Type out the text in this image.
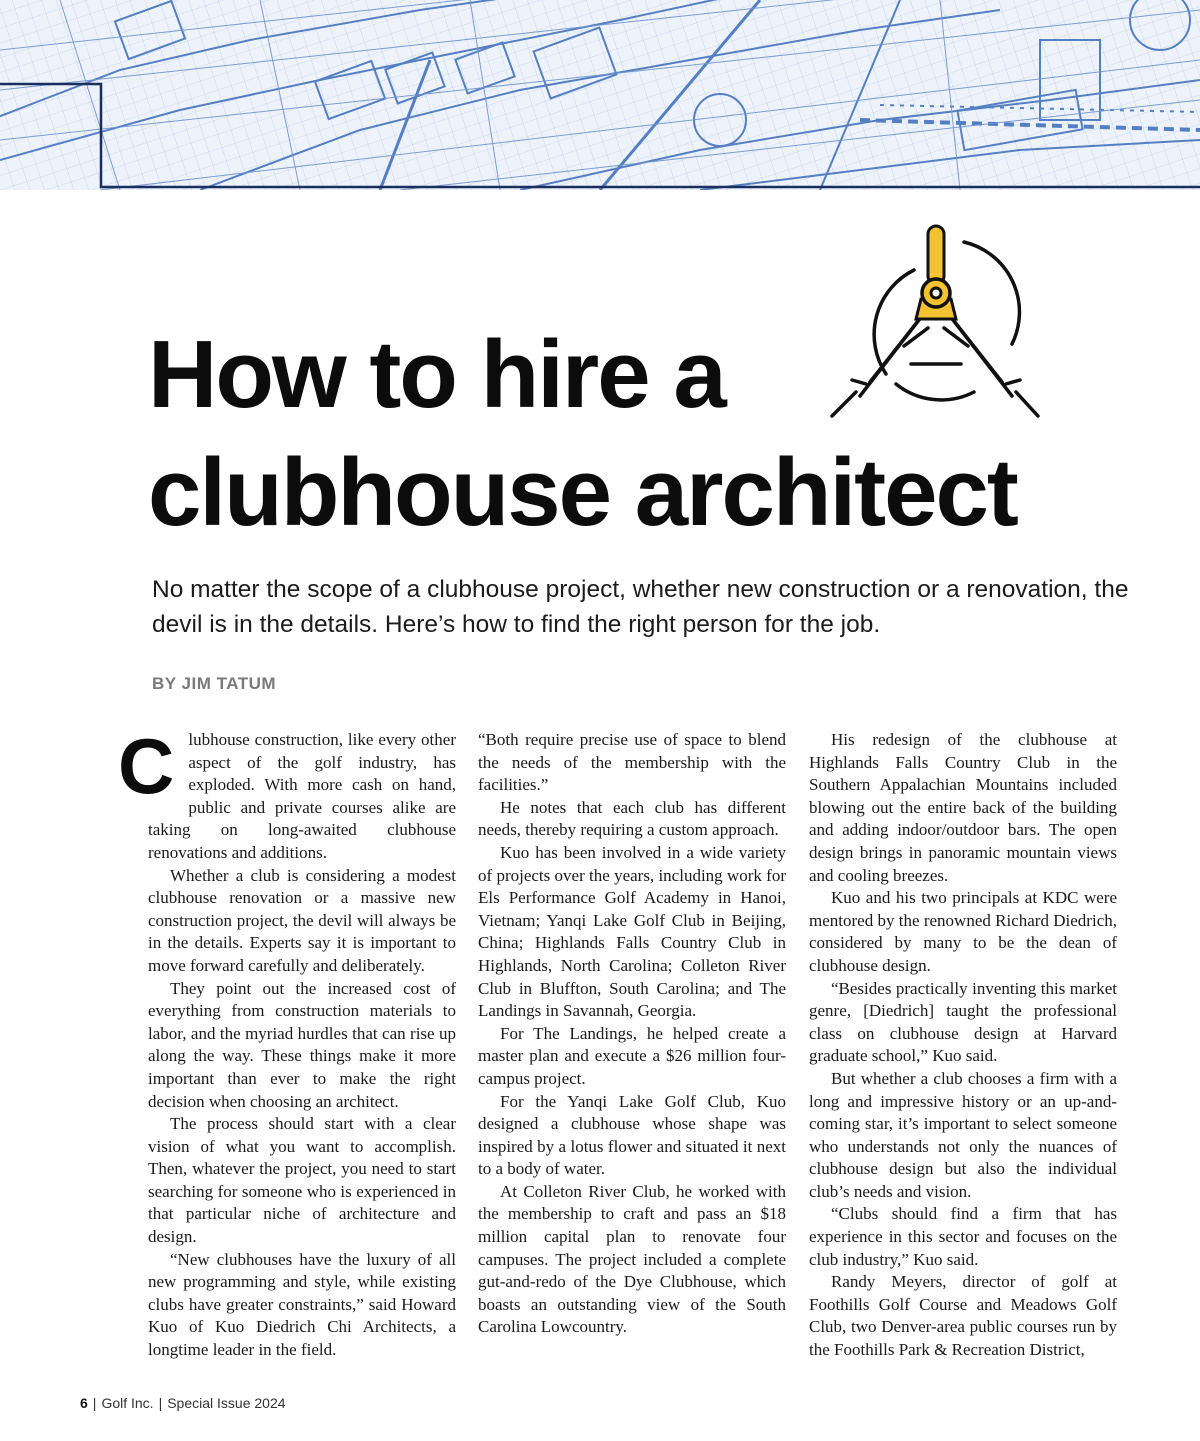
How to hire a
clubhouse architect

No matter the scope of a clubhouse project, whether new construction or a renovation, the devil is in the details. Here’s how to find the right person for the job.

BY JIM TATUM

Clubhouse construction, like every other aspect of the golf industry, has exploded. With more cash on hand, public and private courses alike are taking on long-awaited clubhouse renovations and additions.

Whether a club is considering a modest clubhouse renovation or a massive new construction project, the devil will always be in the details. Experts say it is important to move forward carefully and deliberately.

They point out the increased cost of everything from construction materials to labor, and the myriad hurdles that can rise up along the way. These things make it more important than ever to make the right decision when choosing an architect.

The process should start with a clear vision of what you want to accomplish. Then, whatever the project, you need to start searching for someone who is experienced in that particular niche of architecture and design.

“New clubhouses have the luxury of all new programming and style, while existing clubs have greater constraints,” said Howard Kuo of Kuo Diedrich Chi Architects, a longtime leader in the field.

“Both require precise use of space to blend the needs of the membership with the facilities.”

He notes that each club has different needs, thereby requiring a custom approach.

Kuo has been involved in a wide variety of projects over the years, including work for Els Performance Golf Academy in Hanoi, Vietnam; Yanqi Lake Golf Club in Beijing, China; Highlands Falls Country Club in Highlands, North Carolina; Colleton River Club in Bluffton, South Carolina; and The Landings in Savannah, Georgia.

For The Landings, he helped create a master plan and execute a $26 million four-campus project.

For the Yanqi Lake Golf Club, Kuo designed a clubhouse whose shape was inspired by a lotus flower and situated it next to a body of water.

At Colleton River Club, he worked with the membership to craft and pass an $18 million capital plan to renovate four campuses. The project included a complete gut-and-redo of the Dye Clubhouse, which boasts an outstanding view of the South Carolina Lowcountry.

His redesign of the clubhouse at Highlands Falls Country Club in the Southern Appalachian Mountains included blowing out the entire back of the building and adding indoor/outdoor bars. The open design brings in panoramic mountain views and cooling breezes.

Kuo and his two principals at KDC were mentored by the renowned Richard Diedrich, considered by many to be the dean of clubhouse design.

“Besides practically inventing this market genre, [Diedrich] taught the professional class on clubhouse design at Harvard graduate school,” Kuo said.

But whether a club chooses a firm with a long and impressive history or an up-and-coming star, it’s important to select someone who understands not only the nuances of clubhouse design but also the individual club’s needs and vision.

“Clubs should find a firm that has experience in this sector and focuses on the club industry,” Kuo said.

Randy Meyers, director of golf at Foothills Golf Course and Meadows Golf Club, two Denver-area public courses run by the Foothills Park & Recreation District,

6 | Golf Inc. | Special Issue 2024
